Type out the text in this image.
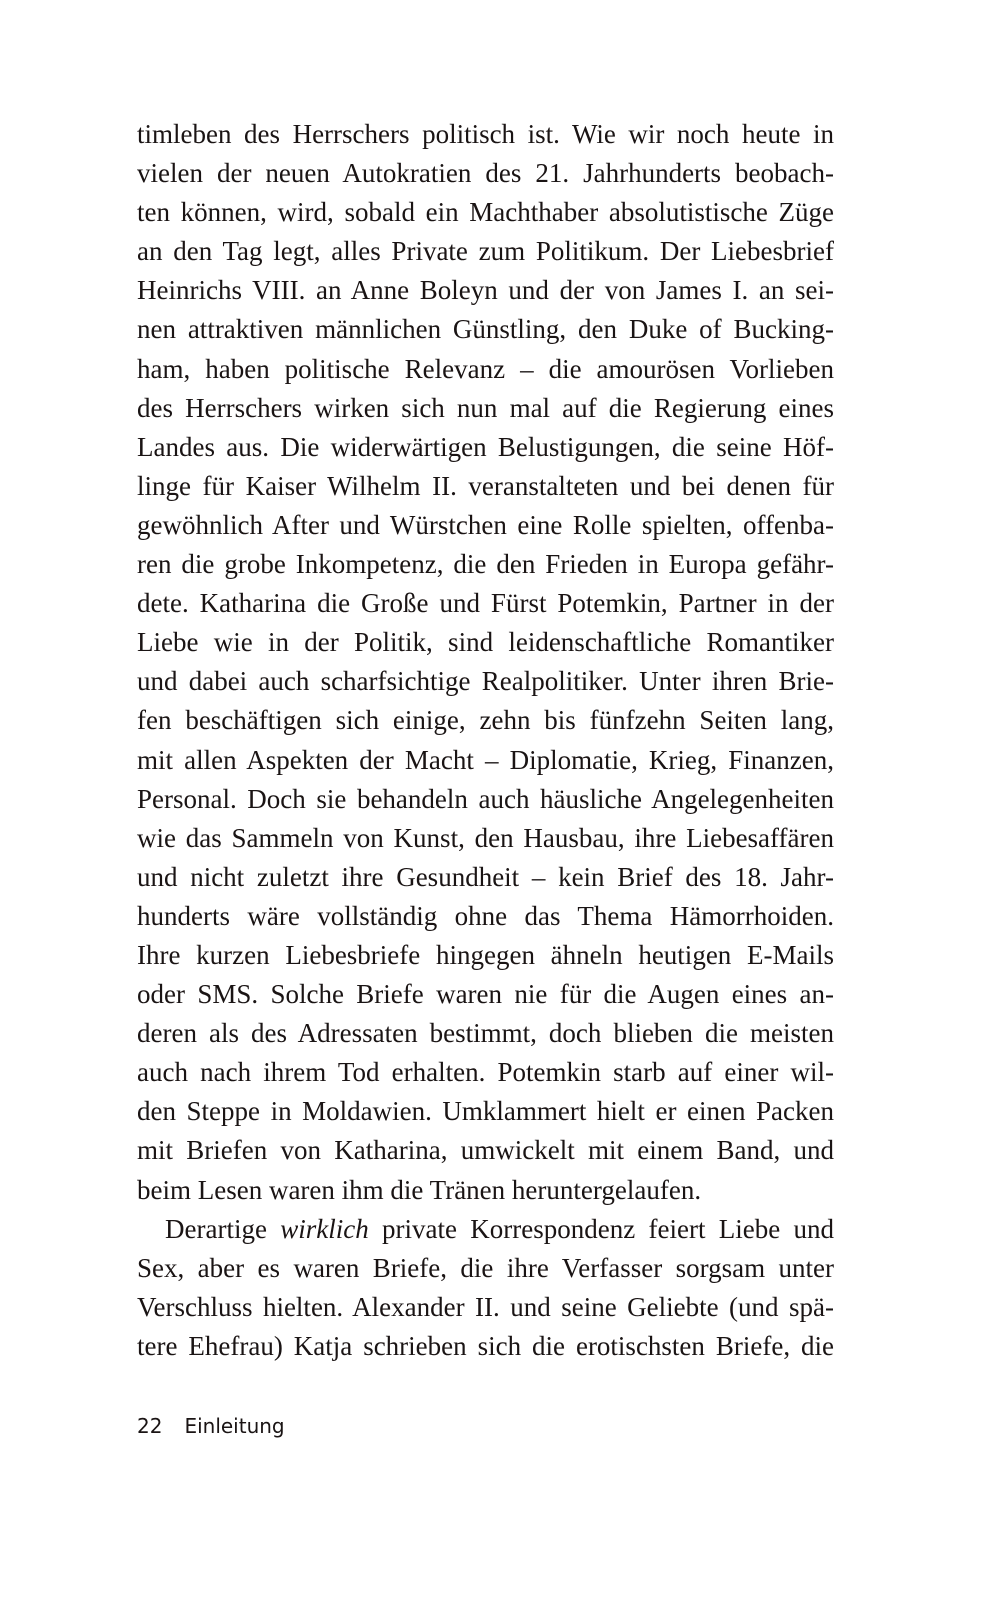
timleben des Herrschers politisch ist. Wie wir noch heute in
vielen der neuen Autokratien des 21. Jahrhunderts beobach-
ten können, wird, sobald ein Machthaber absolutistische Züge
an den Tag legt, alles Private zum Politikum. Der Liebesbrief
Heinrichs VIII. an Anne Boleyn und der von James I. an sei-
nen attraktiven männlichen Günstling, den Duke of Bucking-
ham, haben politische Relevanz – die amourösen Vorlieben
des Herrschers wirken sich nun mal auf die Regierung eines
Landes aus. Die widerwärtigen Belustigungen, die seine Höf-
linge für Kaiser Wilhelm II. veranstalteten und bei denen für
gewöhnlich After und Würstchen eine Rolle spielten, offenba-
ren die grobe Inkompetenz, die den Frieden in Europa gefähr-
dete. Katharina die Große und Fürst Potemkin, Partner in der
Liebe wie in der Politik, sind leidenschaftliche Romantiker
und dabei auch scharfsichtige Realpolitiker. Unter ihren Brie-
fen beschäftigen sich einige, zehn bis fünfzehn Seiten lang,
mit allen Aspekten der Macht – Diplomatie, Krieg, Finanzen,
Personal. Doch sie behandeln auch häusliche Angelegenheiten
wie das Sammeln von Kunst, den Hausbau, ihre Liebesaffären
und nicht zuletzt ihre Gesundheit – kein Brief des 18. Jahr-
hunderts wäre vollständig ohne das Thema Hämorrhoiden.
Ihre kurzen Liebesbriefe hingegen ähneln heutigen E-Mails
oder SMS. Solche Briefe waren nie für die Augen eines an-
deren als des Adressaten bestimmt, doch blieben die meisten
auch nach ihrem Tod erhalten. Potemkin starb auf einer wil-
den Steppe in Moldawien. Umklammert hielt er einen Packen
mit Briefen von Katharina, umwickelt mit einem Band, und
beim Lesen waren ihm die Tränen heruntergelaufen.
Derartige wirklich private Korrespondenz feiert Liebe und
Sex, aber es waren Briefe, die ihre Verfasser sorgsam unter
Verschluss hielten. Alexander II. und seine Geliebte (und spä-
tere Ehefrau) Katja schrieben sich die erotischsten Briefe, die
22 Einleitung
